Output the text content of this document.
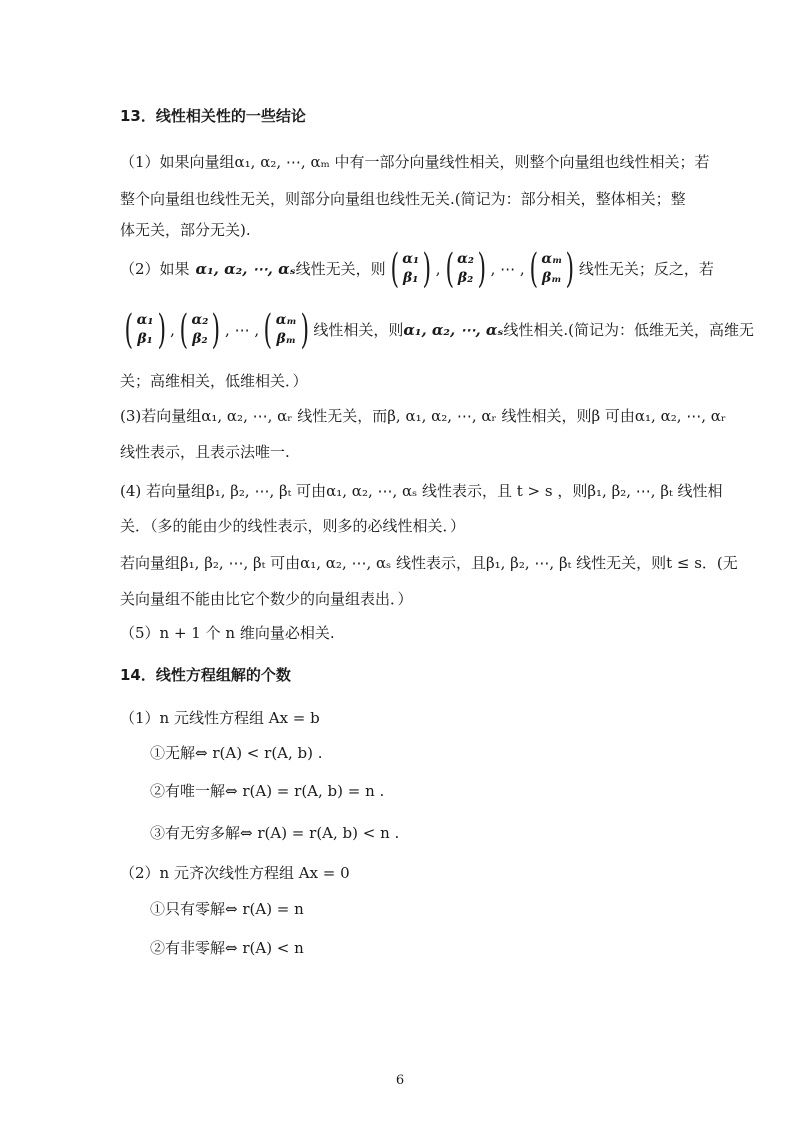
13．线性相关性的一些结论
（1）如果向量组α₁, α₂, ⋯, αₘ 中有一部分向量线性相关，则整个向量组也线性相关；若
整个向量组也线性无关，则部分向量组也线性无关.(简记为：部分相关，整体相关；整
体无关，部分无关).
（2）如果 α₁, α₂, ⋯, αₛ 线性无关，则 ( α₁
β₁ ) , ( α₂
β₂ ) , ⋯ , ( αₘ
βₘ ) 线性无关；反之，若
( α₁
β₁ ) , ( α₂
β₂ ) , ⋯ , ( αₘ
βₘ ) 线性相关，则 α₁, α₂, ⋯, αₛ 线性相关.(简记为：低维无关，高维无
关；高维相关，低维相关．）
(3)若向量组α₁, α₂, ⋯, αᵣ 线性无关，而β, α₁, α₂, ⋯, αᵣ 线性相关，则β 可由α₁, α₂, ⋯, αᵣ
线性表示，且表示法唯一.
(4) 若向量组β₁, β₂, ⋯, βₜ 可由α₁, α₂, ⋯, αₛ 线性表示，且 t > s ，则β₁, β₂, ⋯, βₜ 线性相
关．（多的能由少的线性表示，则多的必线性相关．）
若向量组β₁, β₂, ⋯, βₜ 可由α₁, α₂, ⋯, αₛ 线性表示，且β₁, β₂, ⋯, βₜ 线性无关，则t ≤ s．(无
关向量组不能由比它个数少的向量组表出．）
（5）n + 1 个 n 维向量必相关.
14．线性方程组解的个数
（1）n 元线性方程组 Ax = b
①无解⇔ r(A) < r(A, b) .
②有唯一解⇔ r(A) = r(A, b) = n .
③有无穷多解⇔ r(A) = r(A, b) < n .
（2）n 元齐次线性方程组 Ax = 0
①只有零解⇔ r(A) = n
②有非零解⇔ r(A) < n
6
